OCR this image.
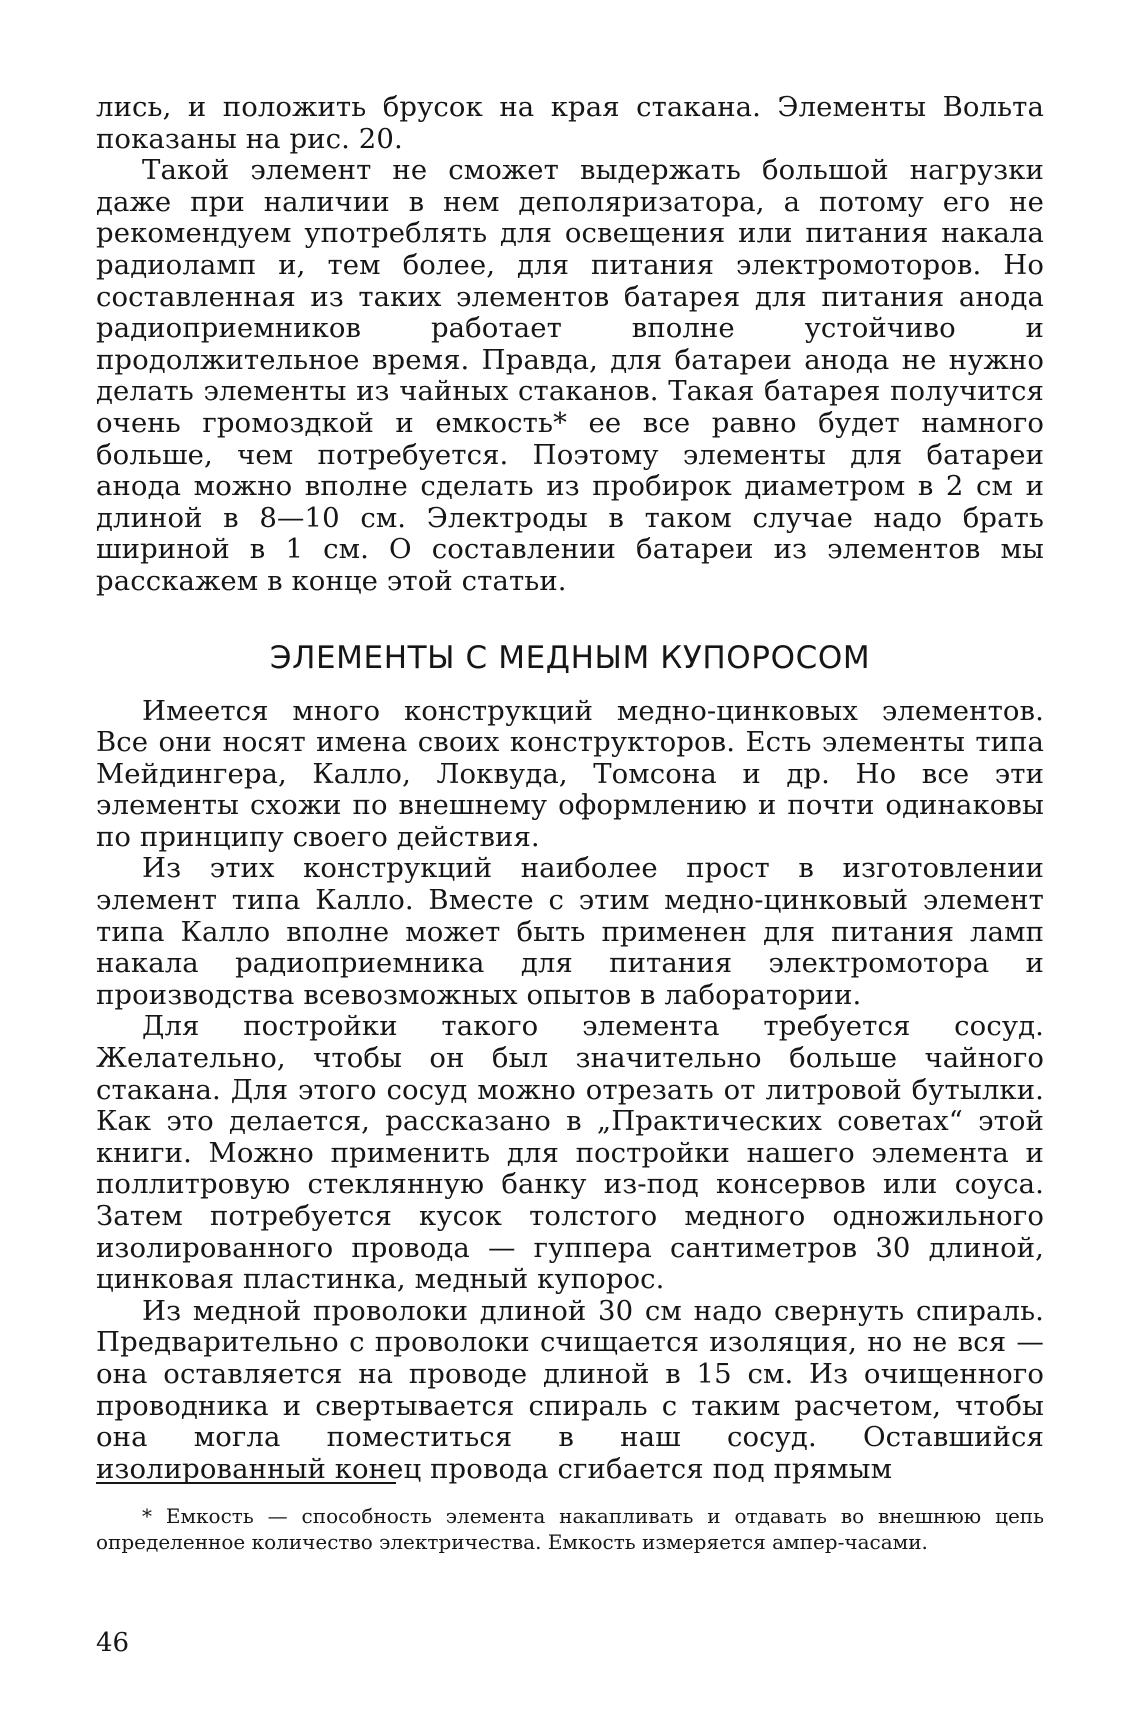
лись, и положить брусок на края стакана. Элементы Вольта показаны на рис. 20.

Такой элемент не сможет выдержать большой нагрузки даже при наличии в нем деполяризатора, а потому его не рекомендуем употреблять для освещения или питания накала радиоламп и, тем более, для питания электромоторов. Но составленная из таких элементов батарея для питания анода радиоприемников работает вполне устойчиво и продолжительное время. Правда, для батареи анода не нужно делать элементы из чайных стаканов. Такая батарея получится очень громоздкой и емкость* ее все равно будет намного больше, чем потребуется. Поэтому элементы для батареи анода можно вполне сделать из пробирок диаметром в 2 см и длиной в 8—10 см. Электроды в таком случае надо брать шириной в 1 см. О составлении батареи из элементов мы расскажем в конце этой статьи.

ЭЛЕМЕНТЫ С МЕДНЫМ КУПОРОСОМ

Имеется много конструкций медно-цинковых элементов. Все они носят имена своих конструкторов. Есть элементы типа Мейдингера, Калло, Локвуда, Томсона и др. Но все эти элементы схожи по внешнему оформлению и почти одинаковы по принципу своего действия.

Из этих конструкций наиболее прост в изготовлении элемент типа Калло. Вместе с этим медно-цинковый элемент типа Калло вполне может быть применен для питания ламп накала радиоприемника для питания электромотора и производства всевозможных опытов в лаборатории.

Для постройки такого элемента требуется сосуд. Желательно, чтобы он был значительно больше чайного стакана. Для этого сосуд можно отрезать от литровой бутылки. Как это делается, рассказано в „Практических советах“ этой книги. Можно применить для постройки нашего элемента и поллитровую стеклянную банку из-под консервов или соуса. Затем потребуется кусок толстого медного одножильного изолированного провода — гуппера сантиметров 30 длиной, цинковая пластинка, медный купорос.

Из медной проволоки длиной 30 см надо свернуть спираль. Предварительно с проволоки счищается изоляция, но не вся — она оставляется на проводе длиной в 15 см. Из очищенного проводника и свертывается спираль с таким расчетом, чтобы она могла поместиться в наш сосуд. Оставшийся изолированный конец провода сгибается под прямым

* Емкость — способность элемента накапливать и отдавать во внешнюю цепь определенное количество электричества. Емкость измеряется ампер-часами.

46
